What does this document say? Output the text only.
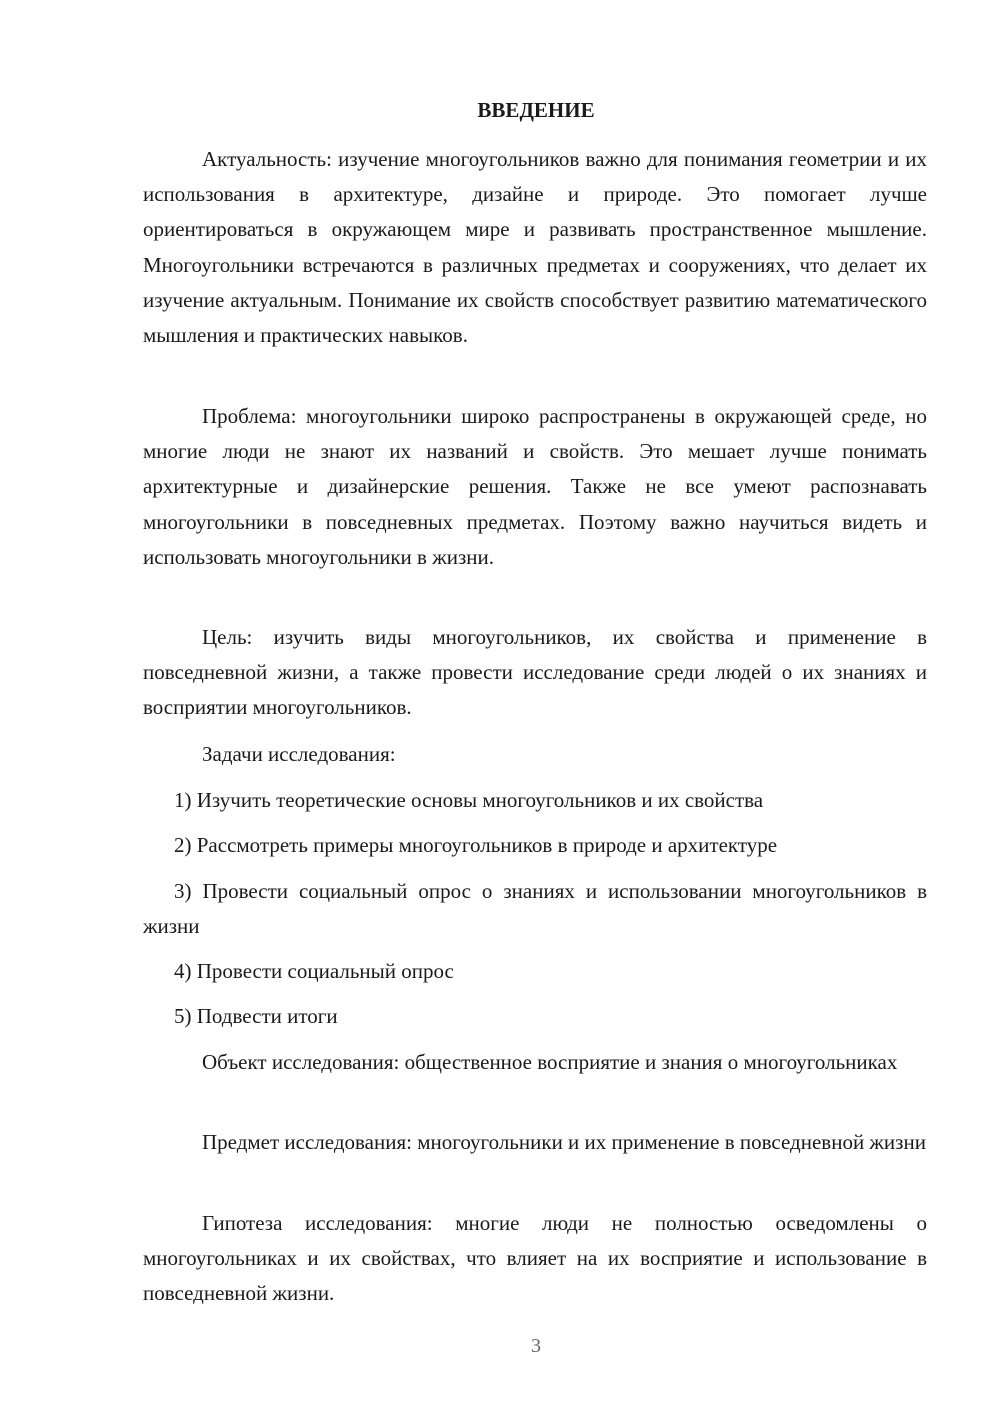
ВВЕДЕНИЕ

Актуальность: изучение многоугольников важно для понимания геометрии и их использования в архитектуре, дизайне и природе. Это помогает лучше ориентироваться в окружающем мире и развивать пространственное мышление. Многоугольники встречаются в различных предметах и сооружениях, что делает их изучение актуальным. Понимание их свойств способствует развитию математического мышления и практических навыков.

Проблема: многоугольники широко распространены в окружающей среде, но многие люди не знают их названий и свойств. Это мешает лучше понимать архитектурные и дизайнерские решения. Также не все умеют распознавать многоугольники в повседневных предметах. Поэтому важно научиться видеть и использовать многоугольники в жизни.

Цель: изучить виды многоугольников, их свойства и применение в повседневной жизни, а также провести исследование среди людей о их знаниях и восприятии многоугольников.

Задачи исследования:

1) Изучить теоретические основы многоугольников и их свойства

2) Рассмотреть примеры многоугольников в природе и архитектуре

3) Провести социальный опрос о знаниях и использовании многоугольников в жизни

4) Провести социальный опрос

5) Подвести итоги

Объект исследования: общественное восприятие и знания о многоугольниках

Предмет исследования: многоугольники и их применение в повседневной жизни

Гипотеза исследования: многие люди не полностью осведомлены о многоугольниках и их свойствах, что влияет на их восприятие и использование в повседневной жизни.

3
